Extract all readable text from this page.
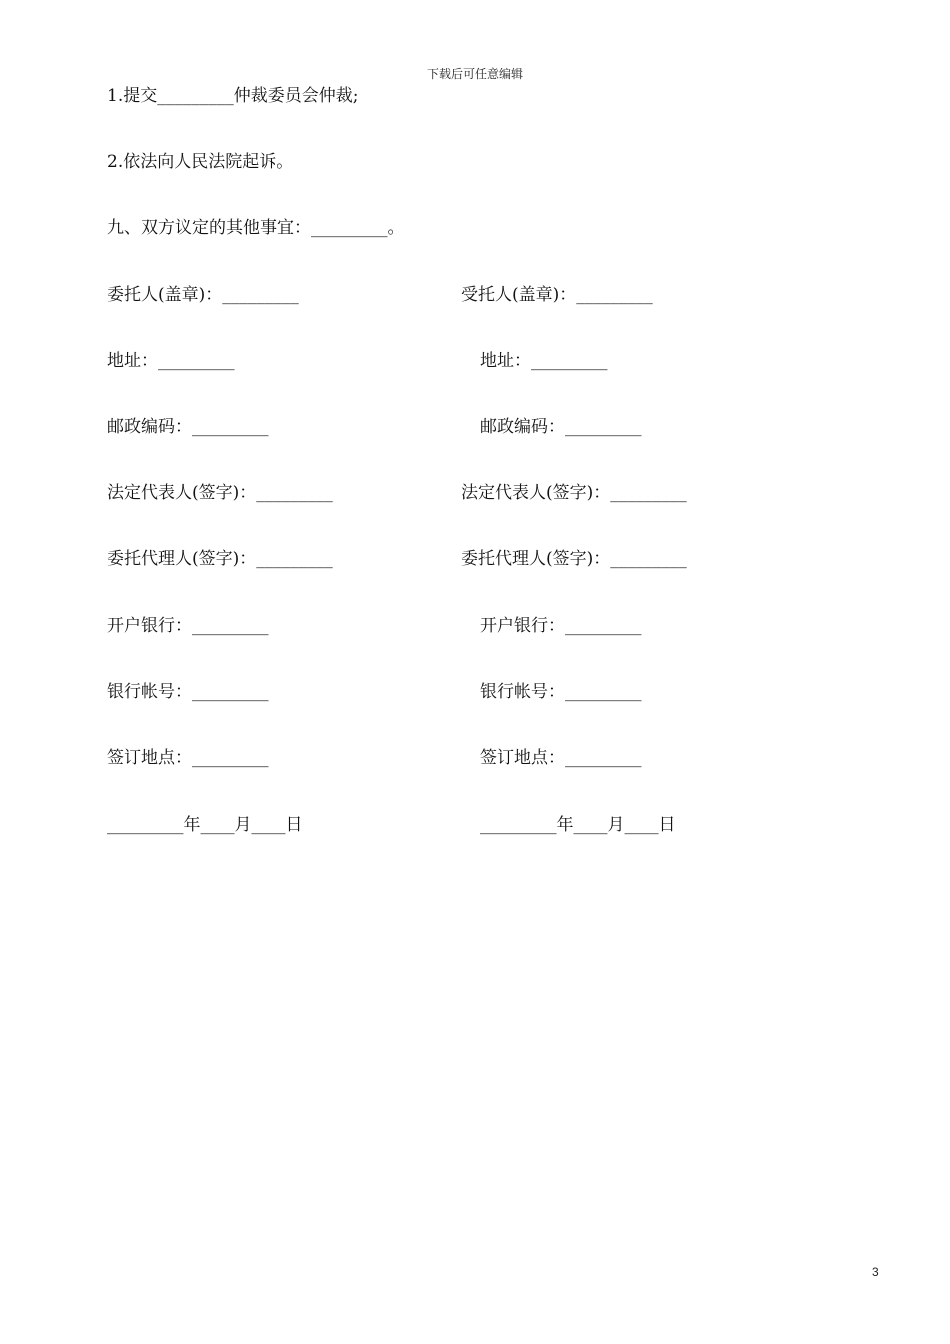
下载后可任意编辑
1.提交_________仲裁委员会仲裁;
2.依法向人民法院起诉。
九、双方议定的其他事宜：_________。
委托人(盖章)：_________
地址：_________
邮政编码：_________
法定代表人(签字)：_________
委托代理人(签字)：_________
开户银行：_________
银行帐号：_________
签订地点：_________
_________年____月____日
受托人(盖章)：_________
地址：_________
邮政编码：_________
法定代表人(签字)：_________
委托代理人(签字)：_________
开户银行：_________
银行帐号：_________
签订地点：_________
_________年____月____日
3
